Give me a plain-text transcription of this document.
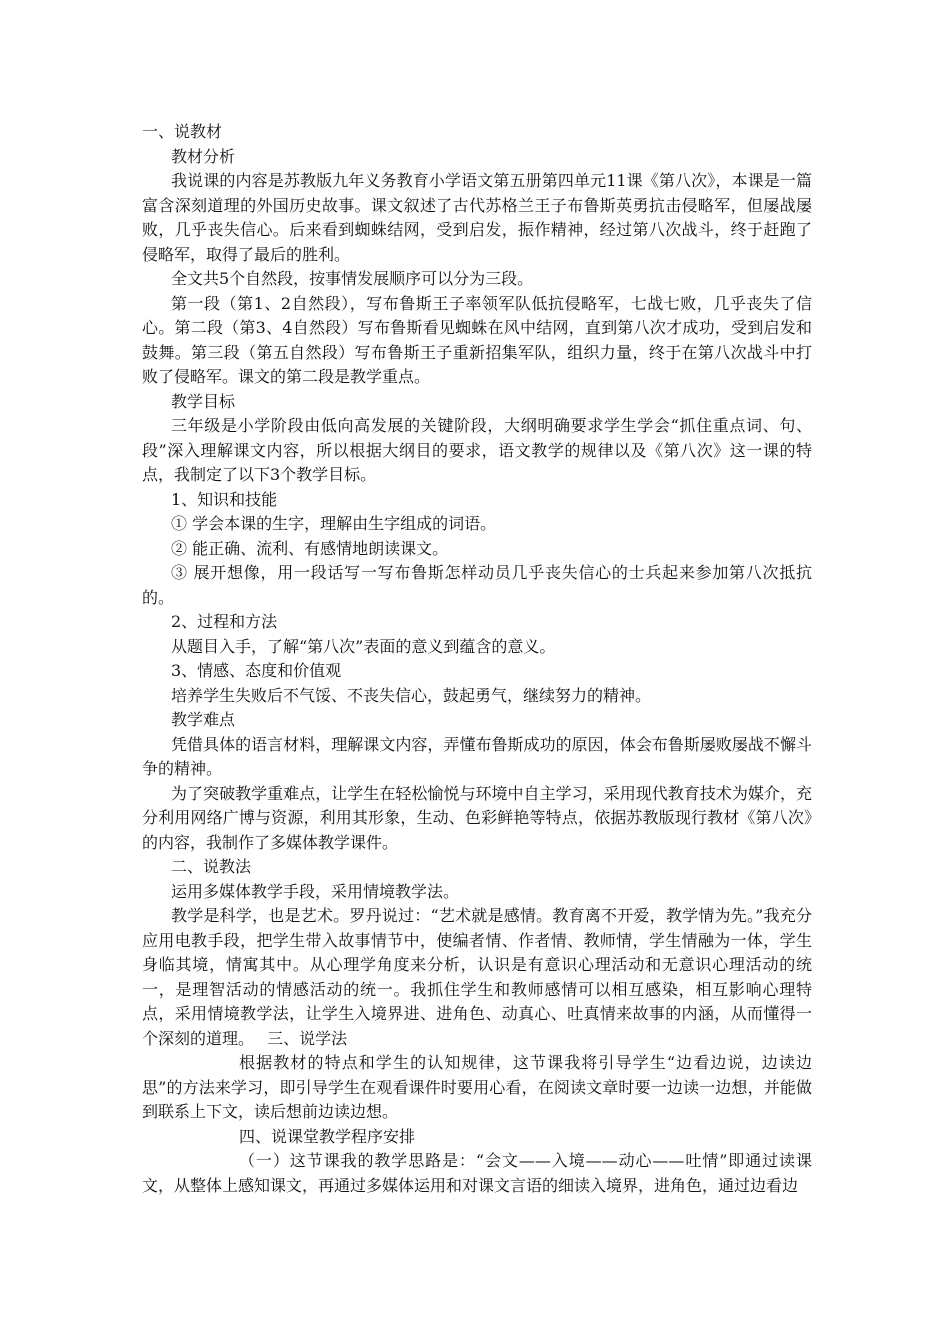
一、说教材

教材分析

我说课的内容是苏教版九年义务教育小学语文第五册第四单元11课《第八次》，本课是一篇富含深刻道理的外国历史故事。课文叙述了古代苏格兰王子布鲁斯英勇抗击侵略军，但屡战屡败，几乎丧失信心。后来看到蜘蛛结网，受到启发，振作精神，经过第八次战斗，终于赶跑了侵略军，取得了最后的胜利。

全文共5个自然段，按事情发展顺序可以分为三段。

第一段（第1、2自然段），写布鲁斯王子率领军队低抗侵略军，七战七败，几乎丧失了信心。第二段（第3、4自然段）写布鲁斯看见蜘蛛在风中结网，直到第八次才成功，受到启发和鼓舞。第三段（第五自然段）写布鲁斯王子重新招集军队，组织力量，终于在第八次战斗中打败了侵略军。课文的第二段是教学重点。

教学目标

三年级是小学阶段由低向高发展的关键阶段，大纲明确要求学生学会“抓住重点词、句、段”深入理解课文内容，所以根据大纲目的要求，语文教学的规律以及《第八次》这一课的特点，我制定了以下3个教学目标。

1、知识和技能

① 学会本课的生字，理解由生字组成的词语。

② 能正确、流利、有感情地朗读课文。

③ 展开想像，用一段话写一写布鲁斯怎样动员几乎丧失信心的士兵起来参加第八次抵抗的。

2、过程和方法

从题目入手，了解“第八次”表面的意义到蕴含的意义。

3、情感、态度和价值观

培养学生失败后不气馁、不丧失信心，鼓起勇气，继续努力的精神。

教学难点

凭借具体的语言材料，理解课文内容，弄懂布鲁斯成功的原因，体会布鲁斯屡败屡战不懈斗争的精神。

为了突破教学重难点，让学生在轻松愉悦与环境中自主学习，采用现代教育技术为媒介，充分利用网络广博与资源，利用其形象，生动、色彩鲜艳等特点，依据苏教版现行教材《第八次》的内容，我制作了多媒体教学课件。

二、说教法

运用多媒体教学手段，采用情境教学法。

教学是科学，也是艺术。罗丹说过：“艺术就是感情。教育离不开爱，教学情为先。”我充分应用电教手段，把学生带入故事情节中，使编者情、作者情、教师情，学生情融为一体，学生身临其境，情寓其中。从心理学角度来分析，认识是有意识心理活动和无意识心理活动的统一，是理智活动的情感活动的统一。我抓住学生和教师感情可以相互感染，相互影响心理特点，采用情境教学法，让学生入境界进、进角色、动真心、吐真情来故事的内涵，从而懂得一个深刻的道理。　 三、说学法

根据教材的特点和学生的认知规律，这节课我将引导学生“边看边说，边读边思”的方法来学习，即引导学生在观看课件时要用心看，在阅读文章时要一边读一边想，并能做到联系上下文，读后想前边读边想。

四、说课堂教学程序安排

（一）这节课我的教学思路是：“会文——入境——动心——吐情”即通过读课文，从整体上感知课文，再通过多媒体运用和对课文言语的细读入境界，进角色，通过边看边
